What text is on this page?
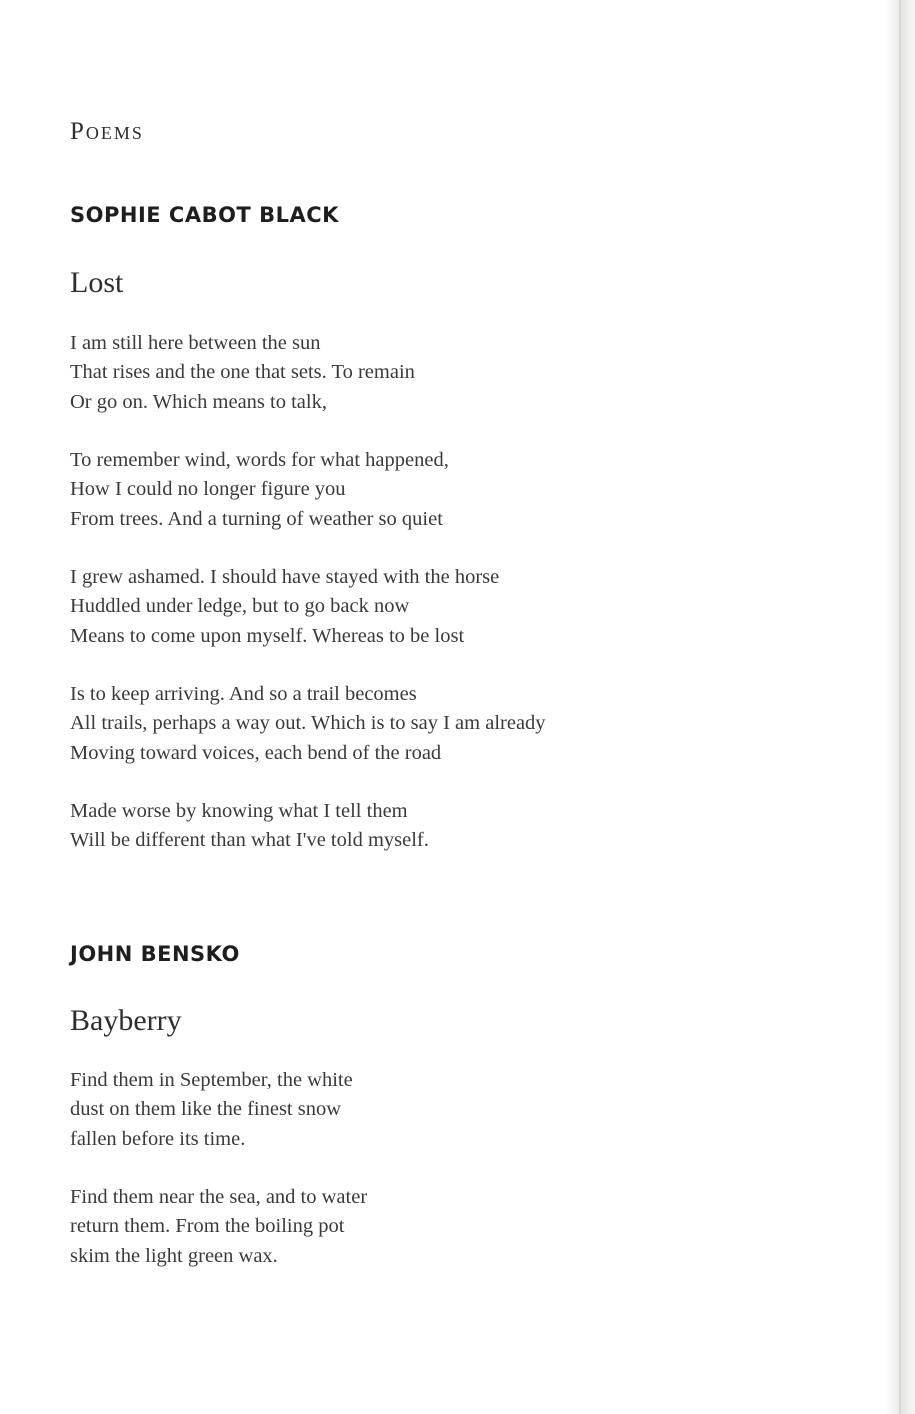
Poems
SOPHIE CABOT BLACK
Lost
I am still here between the sun
That rises and the one that sets. To remain
Or go on. Which means to talk,
To remember wind, words for what happened,
How I could no longer figure you
From trees. And a turning of weather so quiet
I grew ashamed. I should have stayed with the horse
Huddled under ledge, but to go back now
Means to come upon myself. Whereas to be lost
Is to keep arriving. And so a trail becomes
All trails, perhaps a way out. Which is to say I am already
Moving toward voices, each bend of the road
Made worse by knowing what I tell them
Will be different than what I've told myself.
JOHN BENSKO
Bayberry
Find them in September, the white
dust on them like the finest snow
fallen before its time.
Find them near the sea, and to water
return them. From the boiling pot
skim the light green wax.
